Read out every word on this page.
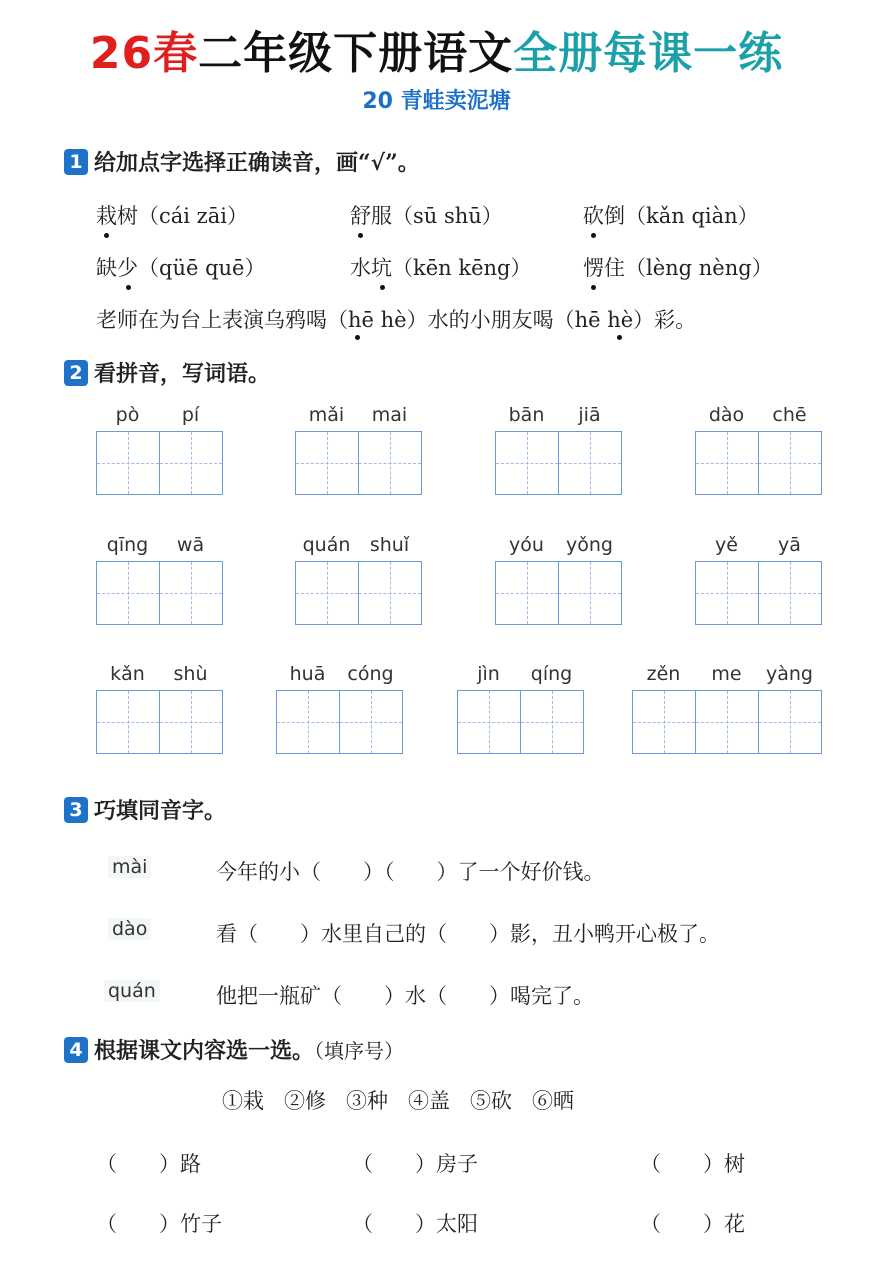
26春二年级下册语文全册每课一练
20 青蛙卖泥塘
1 给加点字选择正确读音，画“√”。
栽树（cái zāi）	舒服（sū shū）	砍倒（kǎn qiàn）
缺少（qüē quē）	水坑（kēn kēng） 愣住（lèng nèng）
老师在为台上表演乌鸦喝（hē hè）水的小朋友喝（hē hè）彩。
2 看拼音，写词语。
pò	pí	mǎi	mai	bān	jiā	dào	chē
qīng	wā	quán	shuǐ	yóu	yǒng	yě	yā
kǎn	shù	huā	cóng	jìn	qíng	zěn	me	yàng
3 巧填同音字。
mài	今年的小（　　）（　　）了一个好价钱。
dào	看（　　）水里自己的（　　）影，丑小鸭开心极了。
quán	他把一瓶矿（　　）水（　　）喝完了。
4 根据课文内容选一选。（填序号）
①栽 ②修 ③种 ④盖 ⑤砍 ⑥晒
（　　）路	（　　）房子	（　　）树
（　　）竹子	（　　）太阳	（　　）花
